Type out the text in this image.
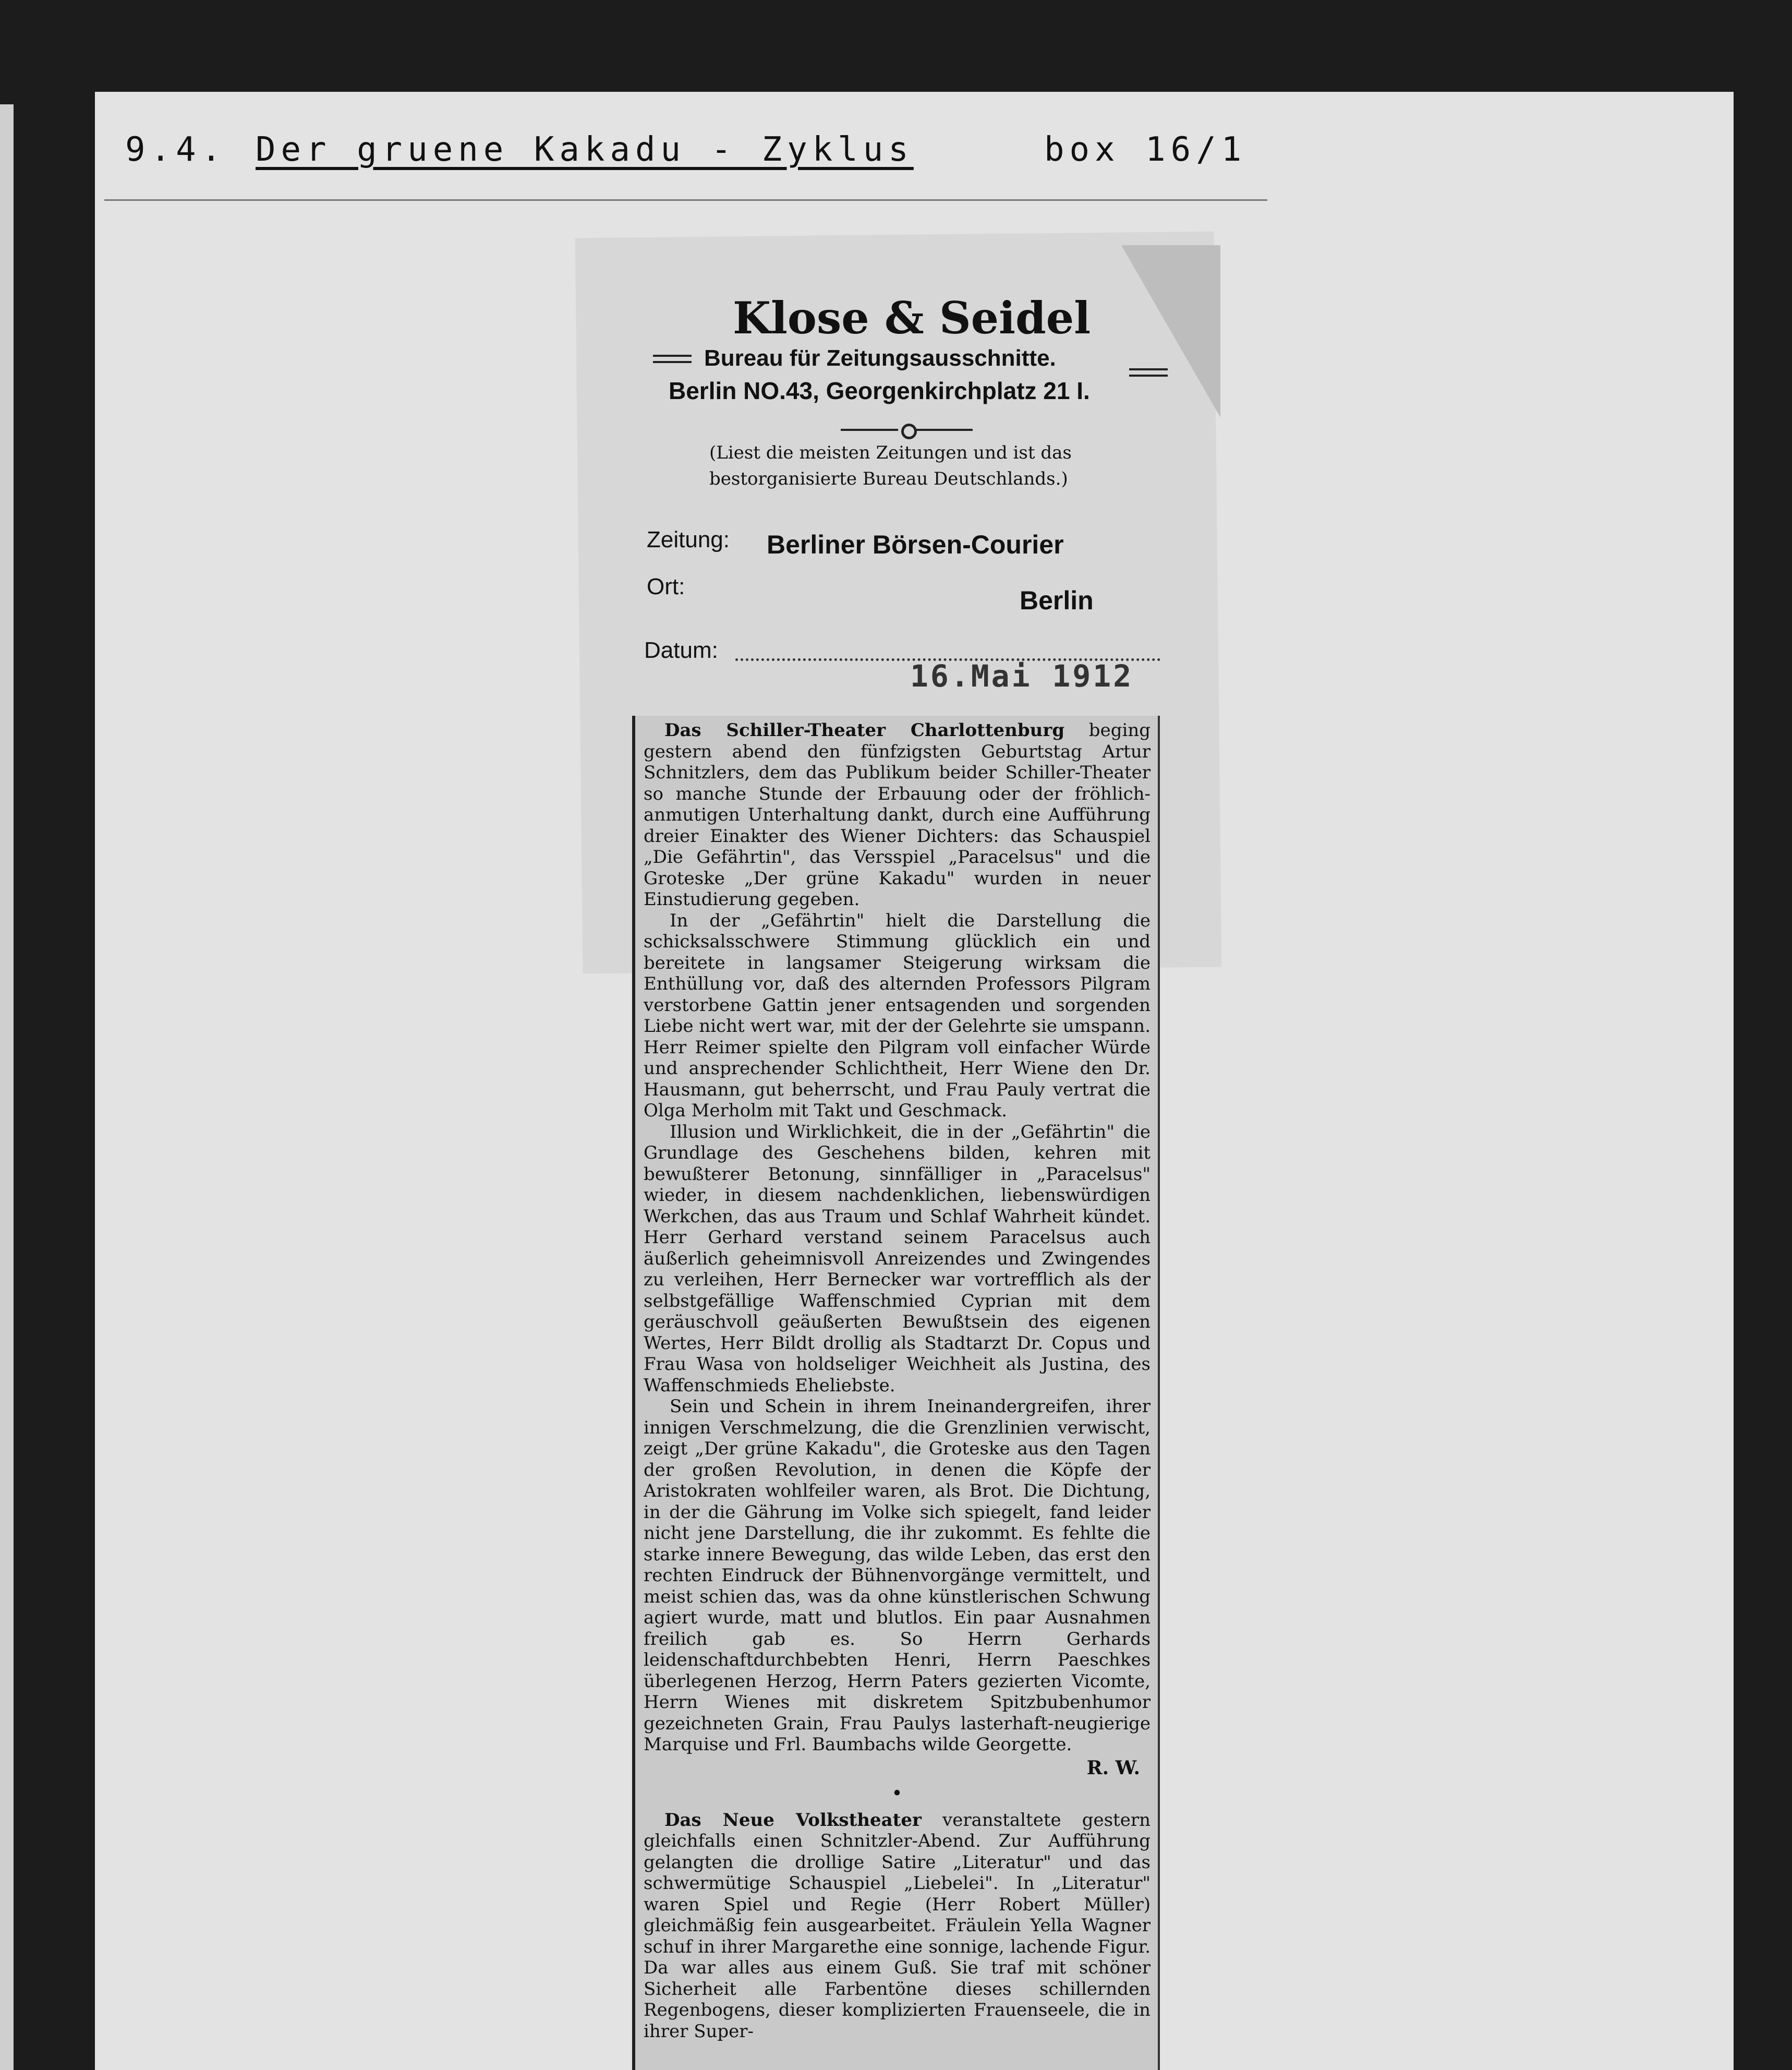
9.4. Der gruene Kakadu - Zyklus	box 16/1
Klose & Seidel
Bureau für Zeitungsausschnitte.
Berlin NO.43, Georgenkirchplatz 21 I.
(Liest die meisten Zeitungen und ist das
bestorganisierte Bureau Deutschlands.)
Zeitung: Berliner Börsen-Courier
Ort:	Berlin
Datum:
16.Mai 1912

Das Schiller-Theater Charlottenburg beging gestern abend den fünfzigsten Geburtstag Artur Schnitzlers, dem das Publikum beider Schiller-Theater so manche Stunde der Erbauung oder der fröhlich-anmutigen Unterhaltung dankt, durch eine Aufführung dreier Einakter des Wiener Dichters: das Schauspiel „Die Gefährtin", das Versspiel „Paracelsus" und die Groteske „Der grüne Kakadu" wurden in neuer Einstudierung gegeben.

In der „Gefährtin" hielt die Darstellung die schicksalsschwere Stimmung glücklich ein und bereitete in langsamer Steigerung wirksam die Enthüllung vor, daß des alternden Professors Pilgram verstorbene Gattin jener entsagenden und sorgenden Liebe nicht wert war, mit der der Gelehrte sie umspann. Herr Reimer spielte den Pilgram voll einfacher Würde und ansprechender Schlichtheit, Herr Wiene den Dr. Hausmann, gut beherrscht, und Frau Pauly vertrat die Olga Merholm mit Takt und Geschmack.

Illusion und Wirklichkeit, die in der „Gefährtin" die Grundlage des Geschehens bilden, kehren mit bewußterer Betonung, sinnfälliger in „Paracelsus" wieder, in diesem nachdenklichen, liebenswürdigen Werkchen, das aus Traum und Schlaf Wahrheit kündet. Herr Gerhard verstand seinem Paracelsus auch äußerlich geheimnisvoll Anreizendes und Zwingendes zu verleihen, Herr Bernecker war vortrefflich als der selbstgefällige Waffenschmied Cyprian mit dem geräuschvoll geäußerten Bewußtsein des eigenen Wertes, Herr Bildt drollig als Stadtarzt Dr. Copus und Frau Wasa von holdseliger Weichheit als Justina, des Waffenschmieds Eheliebste.

Sein und Schein in ihrem Ineinandergreifen, ihrer innigen Verschmelzung, die die Grenzlinien verwischt, zeigt „Der grüne Kakadu", die Groteske aus den Tagen der großen Revolution, in denen die Köpfe der Aristokraten wohlfeiler waren, als Brot. Die Dichtung, in der die Gährung im Volke sich spiegelt, fand leider nicht jene Darstellung, die ihr zukommt. Es fehlte die starke innere Bewegung, das wilde Leben, das erst den rechten Eindruck der Bühnenvorgänge vermittelt, und meist schien das, was da ohne künstlerischen Schwung agiert wurde, matt und blutlos. Ein paar Ausnahmen freilich gab es. So Herrn Gerhards leidenschaftdurchbebten Henri, Herrn Paeschkes überlegenen Herzog, Herrn Paters gezierten Vicomte, Herrn Wienes mit diskretem Spitzbubenhumor gezeichneten Grain, Frau Paulys lasterhaft-neugierige Marquise und Frl. Baumbachs wilde Georgette.

R. W.
•

Das Neue Volkstheater veranstaltete gestern gleichfalls einen Schnitzler-Abend. Zur Aufführung gelangten die drollige Satire „Literatur" und das schwermütige Schauspiel „Liebelei". In „Literatur" waren Spiel und Regie (Herr Robert Müller) gleichmäßig fein ausgearbeitet. Fräulein Yella Wagner schuf in ihrer Margarethe eine sonnige, lachende Figur. Da war alles aus einem Guß. Sie traf mit schöner Sicherheit alle Farbentöne dieses schillernden Regenbogens, dieser komplizierten Frauenseele, die in ihrer Super-
